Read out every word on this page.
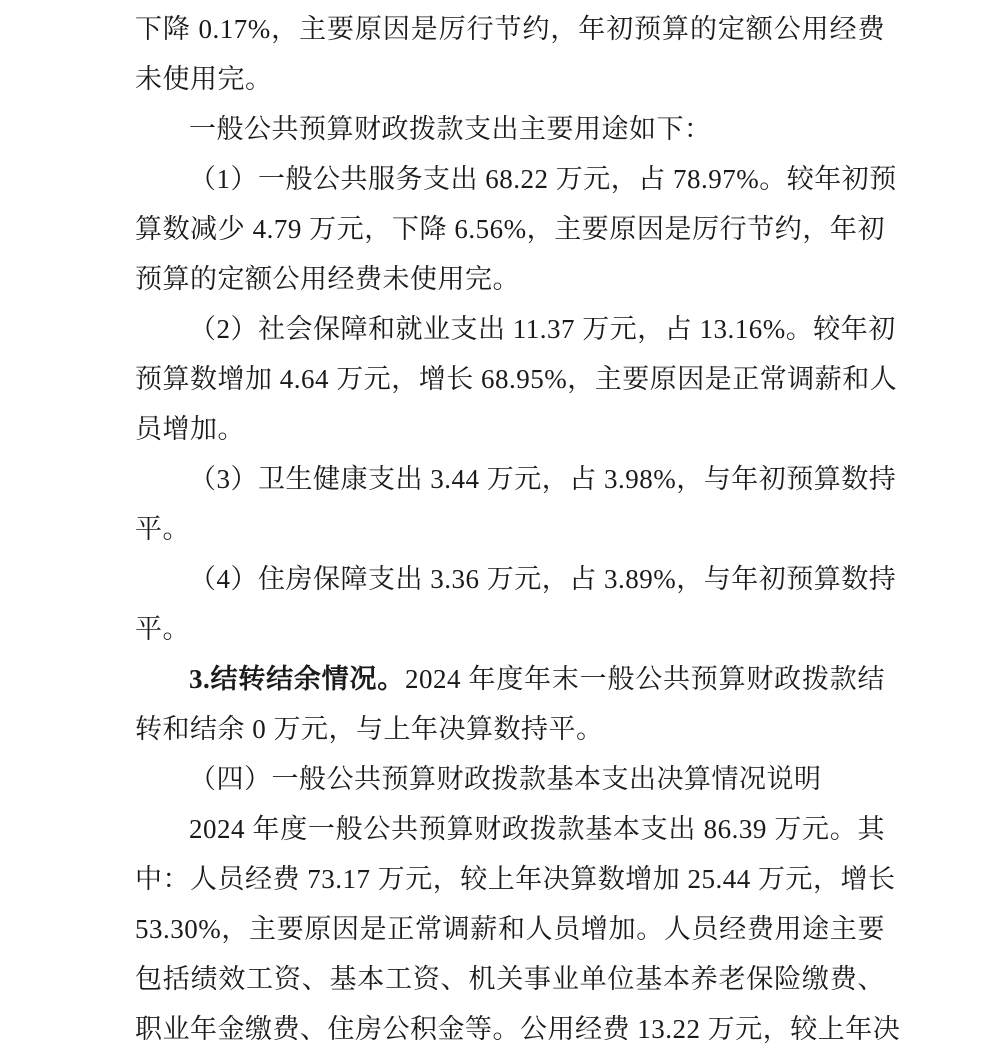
下降 0.17%，主要原因是厉行节约，年初预算的定额公用经费
未使用完。
一般公共预算财政拨款支出主要用途如下：
（1）一般公共服务支出 68.22 万元，占 78.97%。较年初预
算数减少 4.79 万元，下降 6.56%，主要原因是厉行节约，年初
预算的定额公用经费未使用完。
（2）社会保障和就业支出 11.37 万元，占 13.16%。较年初
预算数增加 4.64 万元，增长 68.95%，主要原因是正常调薪和人
员增加。
（3）卫生健康支出 3.44 万元，占 3.98%，与年初预算数持
平。
（4）住房保障支出 3.36 万元，占 3.89%，与年初预算数持
平。
3.结转结余情况。2024 年度年末一般公共预算财政拨款结
转和结余 0 万元，与上年决算数持平。
（四）一般公共预算财政拨款基本支出决算情况说明
2024 年度一般公共预算财政拨款基本支出 86.39 万元。其
中：人员经费 73.17 万元，较上年决算数增加 25.44 万元，增长
53.30%，主要原因是正常调薪和人员增加。人员经费用途主要
包括绩效工资、基本工资、机关事业单位基本养老保险缴费、
职业年金缴费、住房公积金等。公用经费 13.22 万元，较上年决
